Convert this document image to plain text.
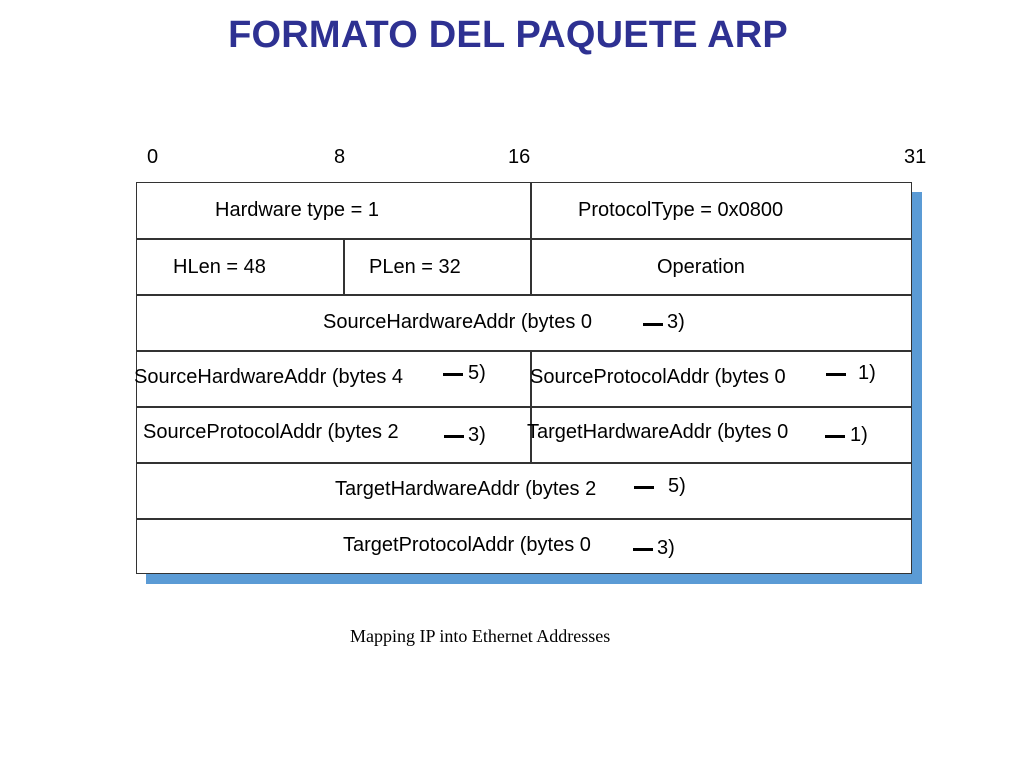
FORMATO DEL PAQUETE ARP
0	8	16	31
Hardware type = 1	ProtocolType = 0x0800
HLen = 48	PLen = 32	Operation
SourceHardwareAddr (bytes 0	3)
SourceHardwareAddr (bytes 4	5) SourceProtocolAddr (bytes 0	1)
SourceProtocolAddr (bytes 2	3) TargetHardwareAddr (bytes 0	1)
TargetHardwareAddr (bytes 2	5)
TargetProtocolAddr (bytes 0	3)
Mapping IP into Ethernet Addresses
